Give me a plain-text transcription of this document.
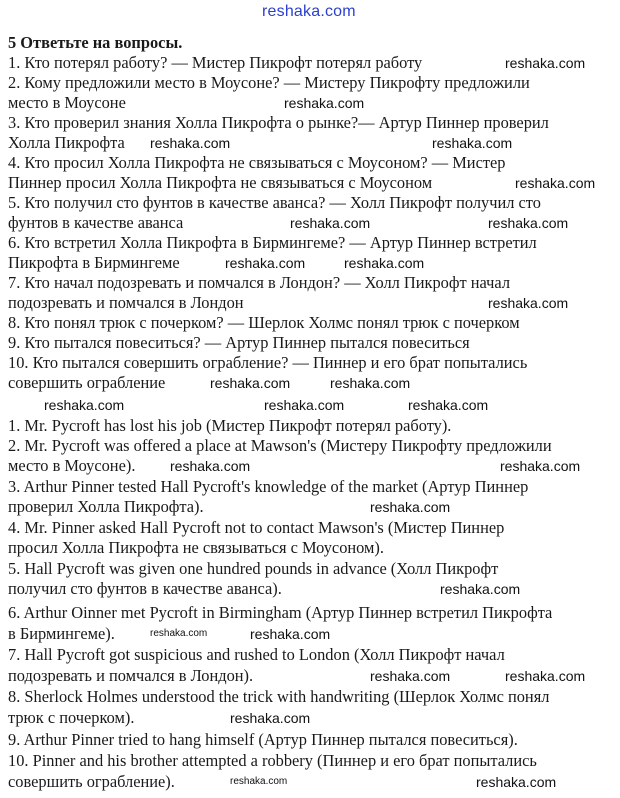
reshaka.com
5 Ответьте на вопросы.
1. Кто потерял работу? — Мистер Пикрофт потерял работу
2. Кому предложили место в Моусоне? — Мистеру Пикрофту предложили
место в Моусоне
3. Кто проверил знания Холла Пикрофта о рынке?— Артур Пиннер проверил
Холла Пикрофта
4. Кто просил Холла Пикрофта не связываться с Моусоном? — Мистер
Пиннер просил Холла Пикрофта не связываться с Моусоном
5. Кто получил сто фунтов в качестве аванса? — Холл Пикрофт получил сто
фунтов в качестве аванса
6. Кто встретил Холла Пикрофта в Бирмингеме? — Артур Пиннер встретил
Пикрофта в Бирмингеме
7. Кто начал подозревать и помчался в Лондон? — Холл Пикрофт начал
подозревать и помчался в Лондон
8. Кто понял трюк с почерком? — Шерлок Холмс понял трюк с почерком
9. Кто пытался повеситься? — Артур Пиннер пытался повеситься
10. Кто пытался совершить ограбление? — Пиннер и его брат попытались
совершить ограбление
1. Mr. Pycroft has lost his job (Мистер Пикрофт потерял работу).
2. Mr. Pycroft was offered a place at Mawson's (Мистеру Пикрофту предложили
место в Моусоне).
3. Arthur Pinner tested Hall Pycroft's knowledge of the market (Артур Пиннер
проверил Холла Пикрофта).
4. Mr. Pinner asked Hall Pycroft not to contact Mawson's (Мистер Пиннер
просил Холла Пикрофта не связываться с Моусоном).
5. Hall Pycroft was given one hundred pounds in advance (Холл Пикрофт
получил сто фунтов в качестве аванса).
6. Arthur Oinner met Pycroft in Birmingham (Артур Пиннер встретил Пикрофта
в Бирмингеме).
7. Hall Pycroft got suspicious and rushed to London (Холл Пикрофт начал
подозревать и помчался в Лондон).
8. Sherlock Holmes understood the trick with handwriting (Шерлок Холмс понял
трюк с почерком).
9. Arthur Pinner tried to hang himself (Артур Пиннер пытался повеситься).
10. Pinner and his brother attempted a robbery (Пиннер и его брат попытались
совершить ограбление).
reshaka.com
reshaka.com
reshaka.com	reshaka.com
reshaka.com
reshaka.com	reshaka.com
reshaka.com	reshaka.com
reshaka.com
reshaka.com	reshaka.com
reshaka.com	reshaka.com	reshaka.com
reshaka.com	reshaka.com
reshaka.com
reshaka.com
reshaka.com	reshaka.com
reshaka.com	reshaka.com
reshaka.com
reshaka.com	reshaka.com
